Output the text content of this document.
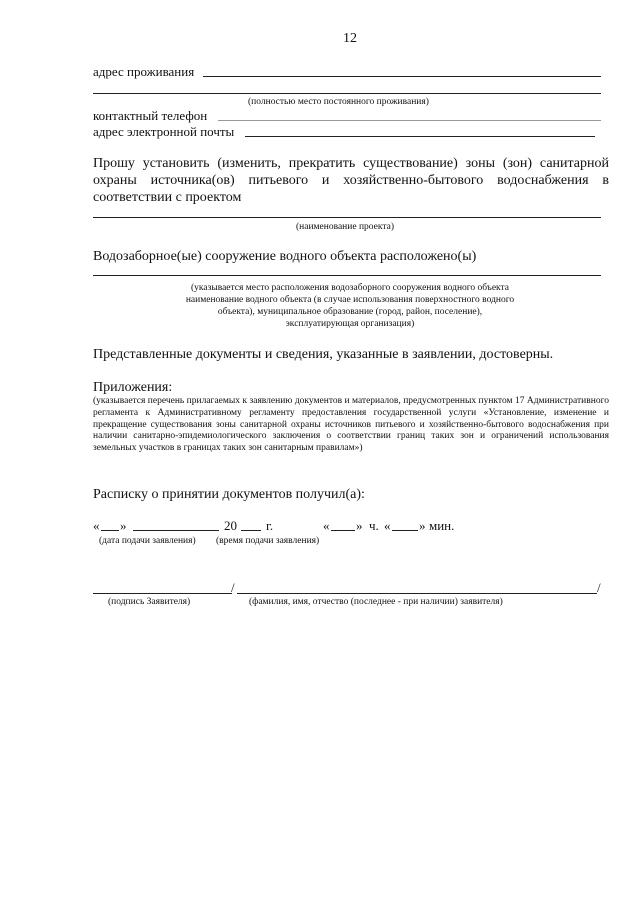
12
адрес проживания
(полностью место постоянного проживания)
контактный телефон
адрес электронной почты
Прошу установить (изменить, прекратить существование) зоны (зон) санитарной
охраны источника(ов) питьевого и хозяйственно-бытового водоснабжения в
соответствии с проектом
(наименование проекта)
Водозаборное(ые) сооружение водного объекта расположено(ы)
(указывается место расположения водозаборного сооружения водного объекта
наименование водного объекта (в случае использования поверхностного водного
объекта), муниципальное образование (город, район, поселение),
эксплуатирующая организация)
Представленные документы и сведения, указанные в заявлении, достоверны.
Приложения:
(указывается перечень прилагаемых к заявлению документов и материалов, предусмотренных пунктом 17 Административного регламента к Административному регламенту предоставления государственной услуги «Установление, изменение и прекращение существования зоны санитарной охраны источников питьевого и хозяйственно-бытового водоснабжения при наличии санитарно-эпидемиологического заключения о соответствии границ таких зон и ограничений использования земельных участков в границах таких зон санитарным правилам»)
Расписку о принятии документов получил(а):
« »	20 г.	« » ч. « » мин.
(дата подачи заявления) (время подачи заявления)
/	/
(подпись Заявителя)	(фамилия, имя, отчество (последнее - при наличии) заявителя)
